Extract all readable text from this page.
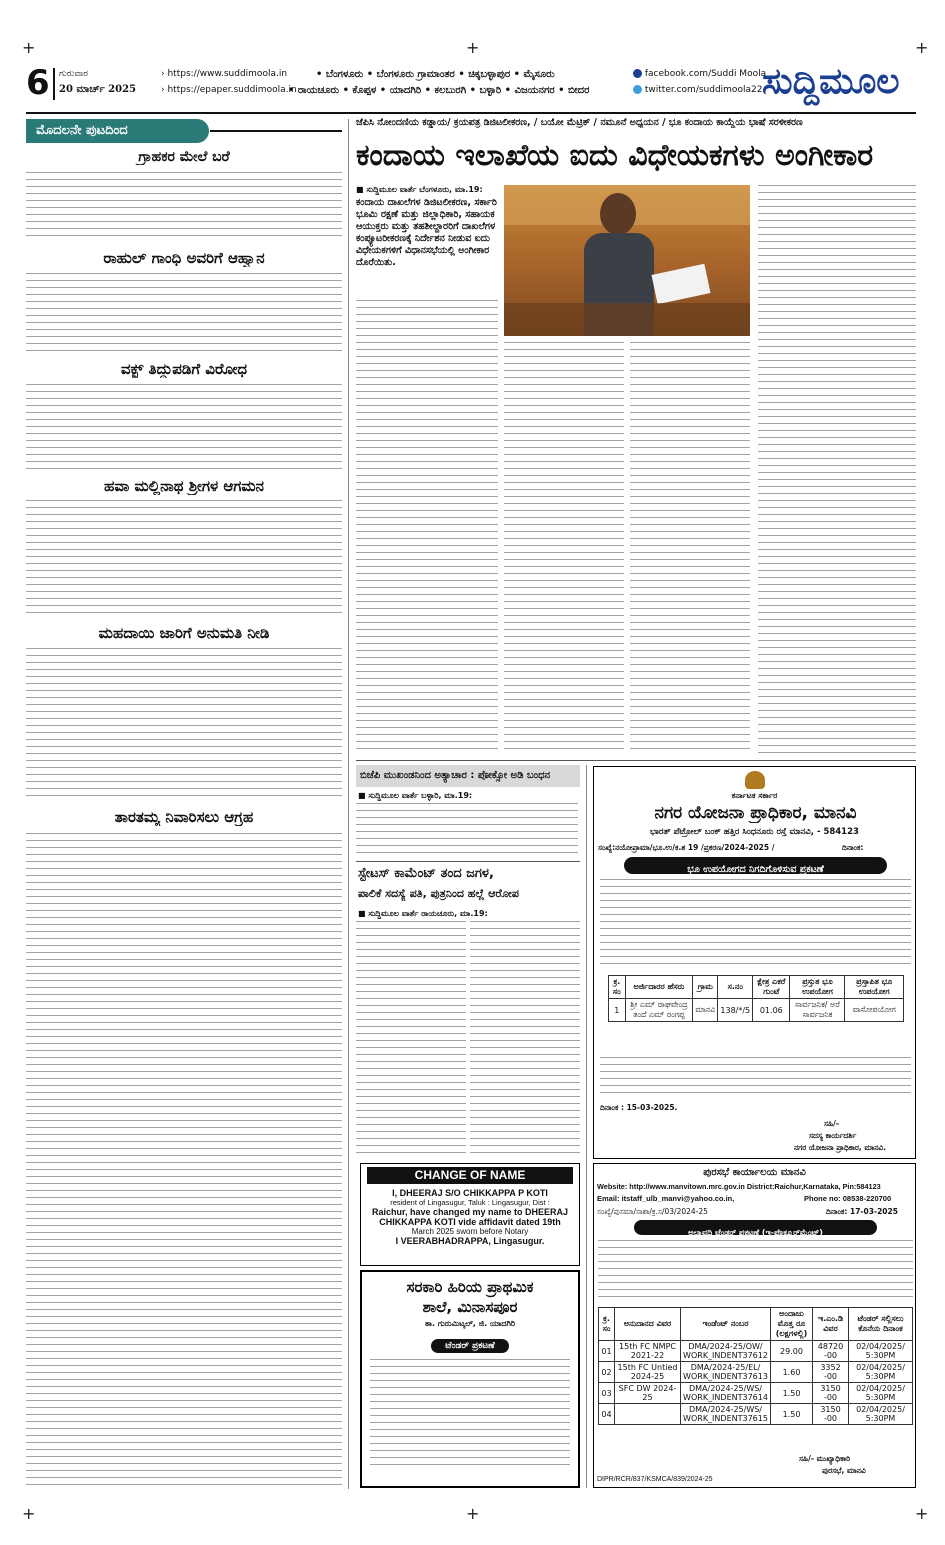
+	+	+
+	+	+
6 ಗುರುವಾರ
20 ಮಾರ್ಚ್ 2025
› https://www.suddimoola.in
› https://epaper.suddimoola.in
• ಬೆಂಗಳೂರು • ಬೆಂಗಳೂರು ಗ್ರಾಮಾಂತರ • ಚಿಕ್ಕಬಳ್ಳಾಪುರ • ಮೈಸೂರು
• ರಾಯಚೂರು • ಕೊಪ್ಪಳ • ಯಾದಗಿರಿ • ಕಲಬುರಗಿ • ಬಳ್ಳಾರಿ • ವಿಜಯನಗರ • ಬೀದರ
facebook.com/Suddi Moola
twitter.com/suddimoola22 ಸುದ್ದಿಮೂಲ
ಮೊದಲನೇ ಪುಟದಿಂದ
ಗ್ರಾಹಕರ ಮೇಲೆ ಬರೆ
ರಾಹುಲ್ ಗಾಂಧಿ ಅವರಿಗೆ ಆಹ್ವಾನ
ವಕ್ಫ್ ತಿದ್ದುಪಡಿಗೆ ವಿರೋಧ
ಹವಾ ಮಲ್ಲಿನಾಥ ಶ್ರೀಗಳ ಆಗಮನ
ಮಹದಾಯಿ ಜಾರಿಗೆ ಅನುಮತಿ ನೀಡಿ
ತಾರತಮ್ಯ ನಿವಾರಿಸಲು ಆಗ್ರಹ
ಜೆಪಿಸಿ ನೋಂದಣಿಯ ಕಡ್ಡಾಯ/ ಕ್ರಯಪತ್ರ ಡಿಜಿಟಲೀಕರಣ, / ಬಯೋ ಮೆಟ್ರಿಕ್ / ನಮೂನೆ ಅಧ್ಯಯನ / ಭೂ ಕಂದಾಯ ಕಾಯ್ದೆಯ ಭಾಷೆ ಸರಳೀಕರಣ
ಕಂದಾಯ ಇಲಾಖೆಯ ಐದು ವಿಧೇಯಕಗಳು ಅಂಗೀಕಾರ
■ ಸುದ್ದಿಮೂಲ ವಾರ್ತೆ ಬೆಂಗಳೂರು, ಮಾ.19:
ಕಂದಾಯ ದಾಖಲೆಗಳ ಡಿಜಿಟಲೀಕರಣ, ಸರ್ಕಾರಿ ಭೂಮಿ ರಕ್ಷಣೆ ಮತ್ತು ಜಿಲ್ಲಾಧಿಕಾರಿ, ಸಹಾಯಕ ಆಯುಕ್ತರು ಮತ್ತು ತಹಶೀಲ್ದಾರರಿಗೆ ದಾಖಲೆಗಳ ಕಂಪ್ಯೂಟರೀಕರಣಕ್ಕೆ ನಿರ್ದೇಶನ ನೀಡುವ ಐದು ವಿಧೇಯಕಗಳಿಗೆ ವಿಧಾನಸಭೆಯಲ್ಲಿ ಅಂಗೀಕಾರ ದೊರೆಯಿತು.
ಬಿಜೆಪಿ ಮುಖಂಡನಿಂದ ಅತ್ಯಾಚಾರ : ಪೋಕ್ಸೋ ಅಡಿ ಬಂಧನ
■ ಸುದ್ದಿಮೂಲ ವಾರ್ತೆ ಬಳ್ಳಾರಿ, ಮಾ.19:
ಸ್ಟೇಟಸ್ ಕಾಮೆಂಟ್ ತಂದ ಜಗಳ,
ಪಾಲಿಕೆ ಸದಸ್ಯೆ ಪತಿ, ಪುತ್ರನಿಂದ ಹಲ್ಲೆ ಆರೋಪ
■ ಸುದ್ದಿಮೂಲ ವಾರ್ತೆ ರಾಯಚೂರು, ಮಾ.19:
CHANGE OF NAME
I, DHEERAJ S/O CHIKKAPPA P KOTI
resident of Lingasugur, Taluk : Lingasugur, Dist :
Raichur, have changed my name to DHEERAJ
CHIKKAPPA KOTI vide affidavit dated 19th
March 2025 sworn before Notary
I VEERABHADRAPPA, Lingasugur.
ಸರಕಾರಿ ಹಿರಿಯ ಪ್ರಾಥಮಿಕ
ಶಾಲೆ, ಮಿನಾಸಪೂರ
ತಾ. ಗುರುಮಿಟ್ಕಲ್, ಜಿ. ಯಾದಗಿರಿ
ಟೆಂಡರ್ ಪ್ರಕಟಣೆ
ಕರ್ನಾಟಕ ಸರ್ಕಾರ
ನಗರ ಯೋಜನಾ ಪ್ರಾಧಿಕಾರ, ಮಾನವಿ
ಭಾರತ್ ಪೆಟ್ರೋಲ್ ಬಂಕ್ ಹತ್ತಿರ ಸಿಂಧನೂರು ರಸ್ತೆ ಮಾನವಿ, - 584123
ಸಂಖ್ಯೆ:ನಯೋಪ್ರಾಮಾ/ಭೂ.ಉ/ಕ.ಶ 19 /ಪ್ರಕರಣ/2024-2025 /	ದಿನಾಂಕ:
ಭೂ ಉಪಯೋಗದ ನಿಗದಿಗೊಳಿಸುವ ಪ್ರಕಟಣೆ
ಕ್ರ. ಸಂ	ಅರ್ಜಿದಾರರ ಹೆಸರು	ಗ್ರಾಮ	ಸ.ನಂ	ಕ್ಷೇತ್ರ ಎಕರೆ ಗುಂಟೆ	ಪ್ರಸ್ತುತ ಭೂ ಉಪಯೋಗ	ಪ್ರಸ್ತಾಪಿತ ಭೂ ಉಪಯೋಗ
1	ಶ್ರೀ ಎಮ್ ರಾಘವೇಂದ್ರ ತಂದೆ ಎಮ್ ರಂಗಪ್ಪ	ಮಾನವಿ	138/*/5	01.06	ಸಾರ್ವಜನಿಕ/ ಅರೆ ಸಾರ್ವಜನಿಕ	ವಾಸೋಪಯೋಗ
ದಿನಾಂಕ : 15-03-2025.
ಸಹಿ/-
ಸದಸ್ಯ ಕಾರ್ಯದರ್ಶಿ
ನಗರ ಯೋಜನಾ ಪ್ರಾಧಿಕಾರ, ಮಾನವಿ.
ಪುರಸಭೆ ಕಾರ್ಯಾಲಯ ಮಾನವಿ
Website: http://www.manvitown.mrc.gov.in District:Raichur,Karnataka, Pin:584123
Email: itstaff_ulb_manvi@yahoo.co.in,	Phone no: 08538-220700
ಸಂಖ್ಯೆ/ಪುಸಮಾ/ಸಾಶಾ/ಕ್ರ.ಸ/03/2024-25	ದಿನಾಂಕ: 17-03-2025
ಅಲ್ಪಾವಧಿ ಟೆಂಡರ್ ಪ್ರಕಟಣೆ (ಇ-ಪ್ರೊಕ್ಯೂರ್‌ಮೆಂಟ್)
ಕ್ರ. ಸಂ	ಅನುದಾನದ ವಿವರ	ಇಂಡೆಂಟ್ ನಂಬರ	ಅಂದಾಜು ಮೊತ್ತ ರೂ (ಲಕ್ಷಗಳಲ್ಲಿ)	ಇ.ಎಂ.ಡಿ ವಿವರ	ಟೆಂಡರ್ ಸಲ್ಲಿಸಲು ಕೊನೆಯ ದಿನಾಂಕ
01	15th FC NMPC 2021-22	DMA/2024-25/OW/ WORK_INDENT37612	29.00	48720 -00	02/04/2025/ 5:30PM
02	15th FC Untied 2024-25	DMA/2024-25/EL/ WORK_INDENT37613	1.60	3352 -00	02/04/2025/ 5:30PM
03	SFC DW 2024-25	DMA/2024-25/WS/ WORK_INDENT37614	1.50	3150 -00	02/04/2025/ 5:30PM
04		DMA/2024-25/WS/ WORK_INDENT37615	1.50	3150 -00	02/04/2025/ 5:30PM
ಸಹಿ/- ಮುಖ್ಯಾಧಿಕಾರಿ
ಪುರಸಭೆ, ಮಾನವಿ
DIPR/RCR/837/KSMCA/839/2024-25
